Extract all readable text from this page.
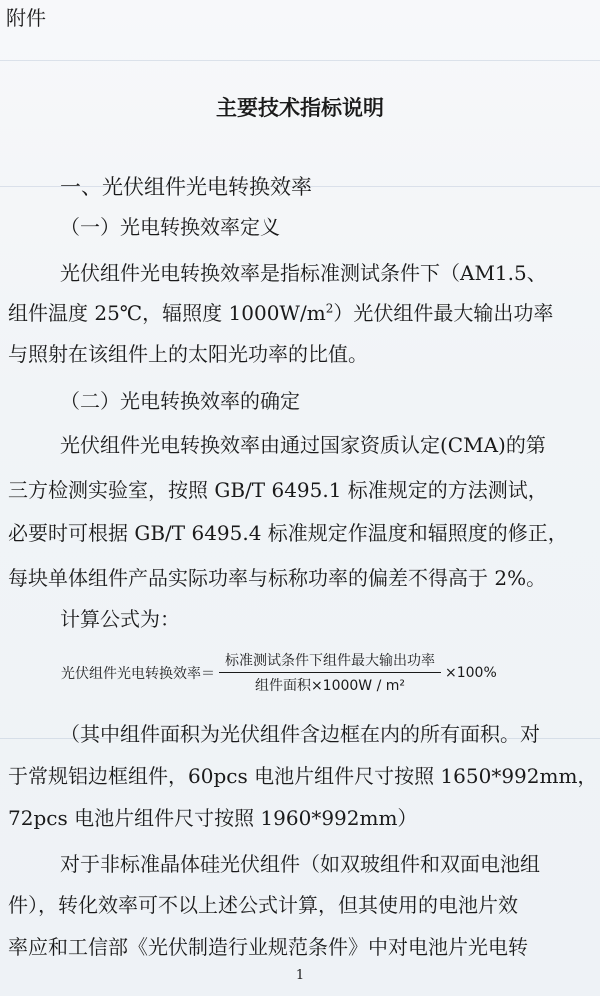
附件
主要技术指标说明
一、光伏组件光电转换效率
（一）光电转换效率定义
光伏组件光电转换效率是指标准测试条件下（AM1.5、
组件温度 25℃，辐照度 $1000W/m^2$）光伏组件最大输出功率
与照射在该组件上的太阳光功率的比值。
（二）光电转换效率的确定
光伏组件光电转换效率由通过国家资质认定(CMA)的第
三方检测实验室，按照 GB/T 6495.1 标准规定的方法测试，
必要时可根据 GB/T 6495.4 标准规定作温度和辐照度的修正，
每块单体组件产品实际功率与标称功率的偏差不得高于 2%。
计算公式为：
光伏组件光电转换效率＝ $\frac{\text{标准测试条件下组件最大输出功率}}{\text{组件面积×1000W / m²}} \times 100\%$
（其中组件面积为光伏组件含边框在内的所有面积。对
于常规铝边框组件，60pcs 电池片组件尺寸按照 1650*992mm，
72pcs 电池片组件尺寸按照 1960*992mm）
对于非标准晶体硅光伏组件（如双玻组件和双面电池组
件），转化效率可不以上述公式计算，但其使用的电池片效
率应和工信部《光伏制造行业规范条件》中对电池片光电转
1
